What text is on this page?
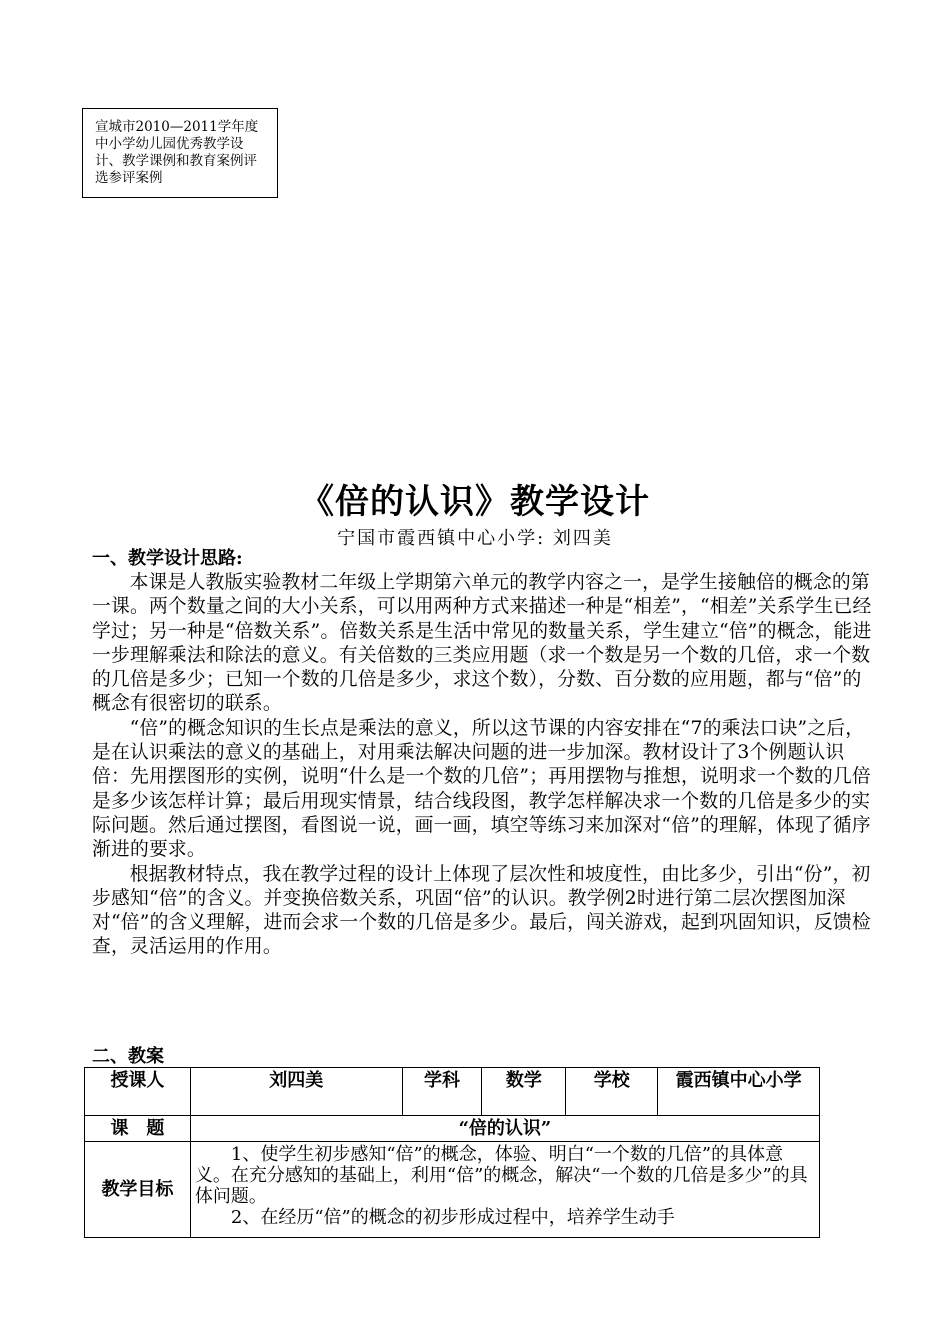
宣城市2010—2011学年度中小学幼儿园优秀教学设计、教学课例和教育案例评选参评案例
《倍的认识》教学设计
宁国市霞西镇中心小学: 刘四美
一、教学设计思路:

本课是人教版实验教材二年级上学期第六单元的教学内容之一，是学生接触倍的概念的第一课。两个数量之间的大小关系，可以用两种方式来描述一种是“相差”，“相差”关系学生已经学过；另一种是“倍数关系”。倍数关系是生活中常见的数量关系，学生建立“倍”的概念，能进一步理解乘法和除法的意义。有关倍数的三类应用题（求一个数是另一个数的几倍，求一个数的几倍是多少；已知一个数的几倍是多少，求这个数），分数、百分数的应用题，都与“倍”的概念有很密切的联系。

“倍”的概念知识的生长点是乘法的意义，所以这节课的内容安排在“7的乘法口诀”之后，是在认识乘法的意义的基础上，对用乘法解决问题的进一步加深。教材设计了3个例题认识倍：先用摆图形的实例，说明“什么是一个数的几倍”；再用摆物与推想，说明求一个数的几倍是多少该怎样计算；最后用现实情景，结合线段图，教学怎样解决求一个数的几倍是多少的实际问题。然后通过摆图，看图说一说，画一画，填空等练习来加深对“倍”的理解，体现了循序渐进的要求。

根据教材特点，我在教学过程的设计上体现了层次性和坡度性，由比多少，引出“份”，初步感知“倍”的含义。并变换倍数关系，巩固“倍”的认识。教学例2时进行第二层次摆图加深对“倍”的含义理解，进而会求一个数的几倍是多少。最后，闯关游戏，起到巩固知识，反馈检查，灵活运用的作用。

二、教案
授课人	刘四美	学科	数学	学校	霞西镇中心小学
课　题	“倍的认识”				
教学目标	1、使学生初步感知“倍”的概念，体验、明白“一个数的几倍”的具体意义。在充分感知的基础上，利用“倍”的概念，解决“一个数的几倍是多少”的具体问题。

2、在经历“倍”的概念的初步形成过程中，培养学生动手				
